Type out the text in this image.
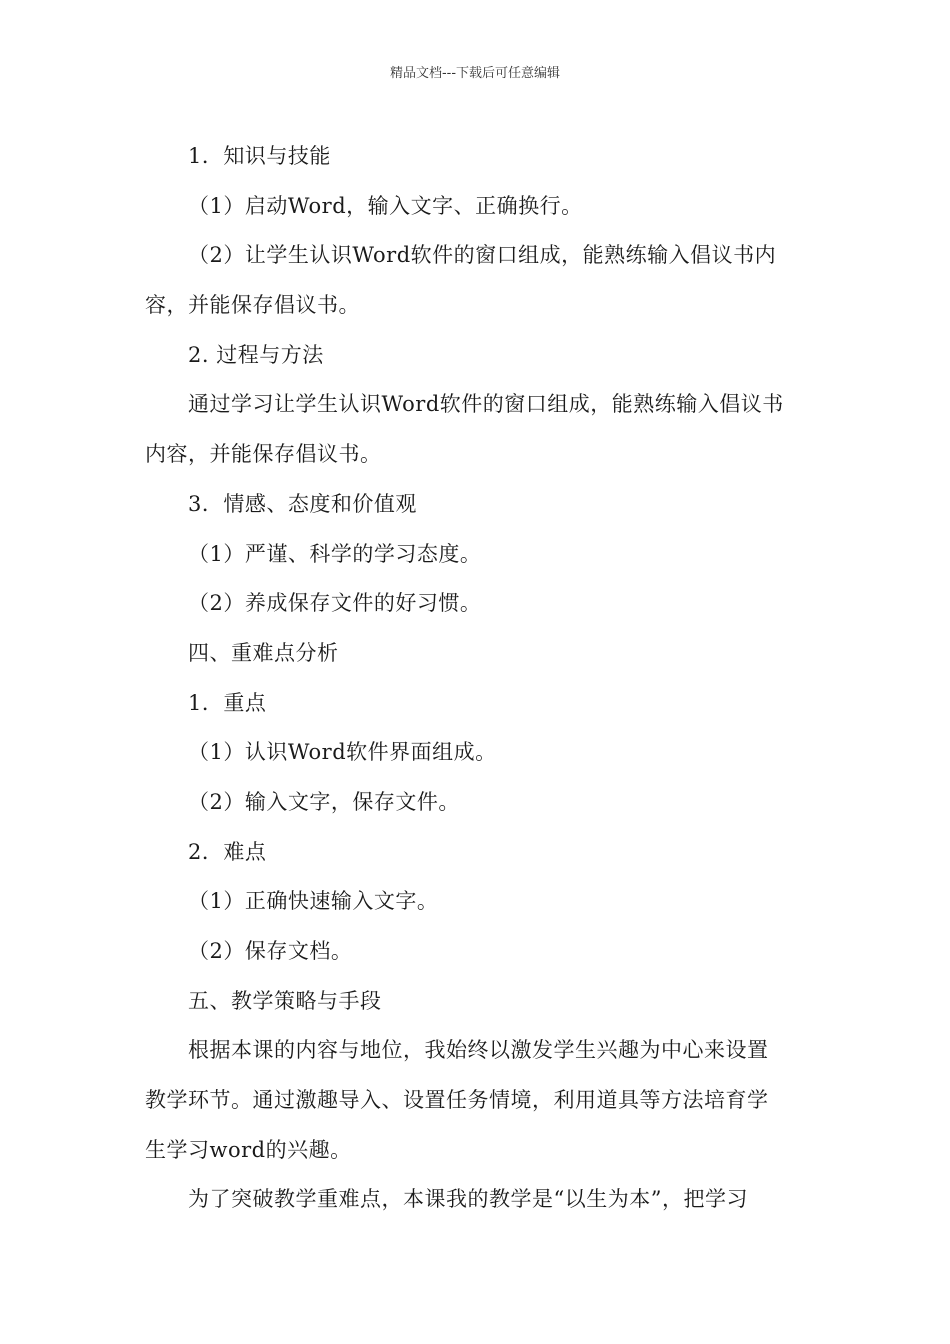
精品文档---下载后可任意编辑
1．知识与技能
（1）启动Word，输入文字、正确换行。
（2）让学生认识Word软件的窗口组成，能熟练输入倡议书内
容，并能保存倡议书。
2. 过程与方法
通过学习让学生认识Word软件的窗口组成，能熟练输入倡议书
内容，并能保存倡议书。
3．情感、态度和价值观
（1）严谨、科学的学习态度。
（2）养成保存文件的好习惯。
四、重难点分析
1．重点
（1）认识Word软件界面组成。
（2）输入文字，保存文件。
2．难点
（1）正确快速输入文字。
（2）保存文档。
五、教学策略与手段
根据本课的内容与地位，我始终以激发学生兴趣为中心来设置
教学环节。通过激趣导入、设置任务情境，利用道具等方法培育学
生学习word的兴趣。
为了突破教学重难点，本课我的教学是“以生为本”，把学习
